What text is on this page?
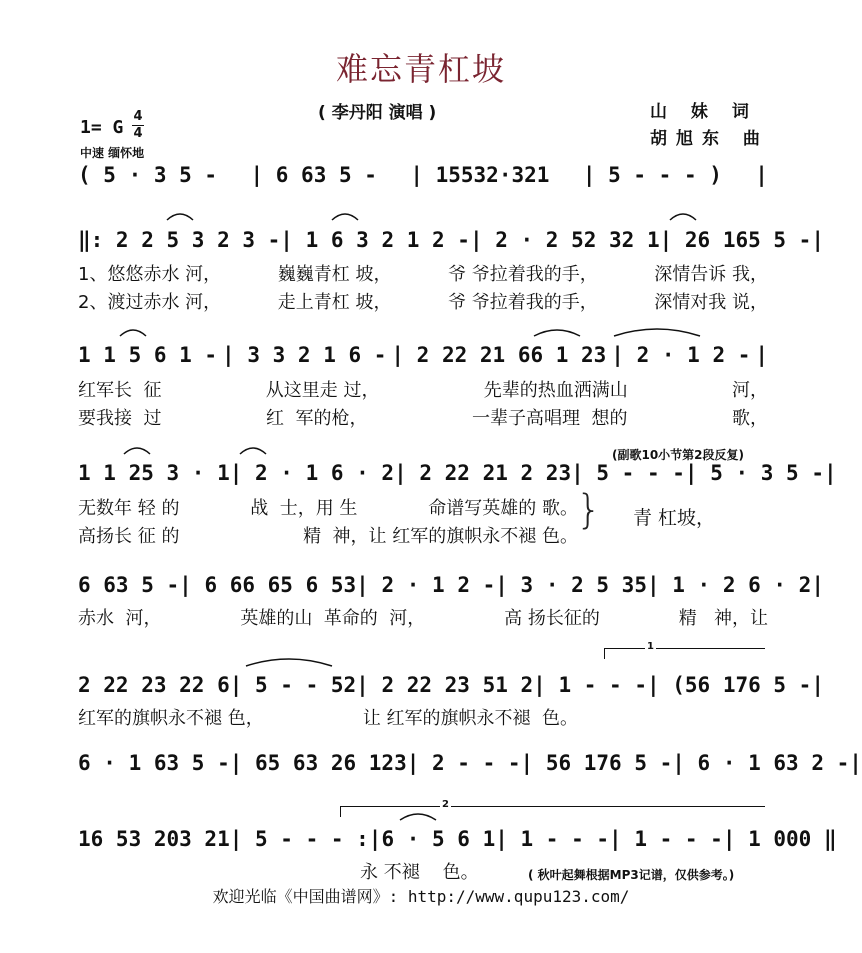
难忘青杠坡
( 李丹阳 演唱 )	山 妹 词
胡旭东 曲
1= G
4
4
中速 缅怀地
( 5 · 3 5 - | 6 63 5 - | 15532·321 | 5 - - - ) |
‖: 2 2 5 3 2 3 - | 1 6 3 2 1 2 - | 2 · 2 52 32 1 | 26 165 5 - |
1、悠悠赤水 河，	巍巍青杠 坡，	爷 爷拉着我的手，	深情告诉 我，
2、渡过赤水 河，	走上青杠 坡，	爷 爷拉着我的手，	深情对我 说，
1 1 5 6 1 - | 3 3 2 1 6 - | 2 22 21 66 1 23 | 2 · 1 2 - |
红军长  征	从这里走 过，	先辈的热血洒满山	河，
要我接  过	红  军的枪，	一辈子高唱理  想的	歌，
(副歌10小节第2段反复)
1 1 25 3 · 1 | 2 · 1 6 · 2 | 2 22 21 2 23 | 5 - - - | 5 · 3 5 - |
无数年 轻 的	战  士，用 生	命谱写英雄的 歌。
高扬长 征 的	精  神，让 红军的旗帜永不褪 色。
} 青 杠坡，
6 63 5 - | 6 66 65 6 53 | 2 · 1 2 - | 3 · 2 5 35 | 1 · 2 6 · 2 |
赤水  河，	英雄的山  革命的  河，	高 扬长征的	精   神，让
1
2 22 23 22 6 | 5 - - 52 | 2 22 23 51 2 | 1 - - - | (56 176 5 - |
红军的旗帜永不褪 色，	让 红军的旗帜永不褪  色。
6 · 1 63 5 - | 65 63 26 123 | 2 - - - | 56 176 5 - | 6 · 1 63 2 - |
2
16 53 203 21 | 5 - - - :| 6 · 5 6 1 | 1 - - - | 1 - - - | 1 000 ‖
永 不褪    色。	( 秋叶起舞根据MP3记谱，仅供参考。)
欢迎光临《中国曲谱网》: http://www.qupu123.com/
